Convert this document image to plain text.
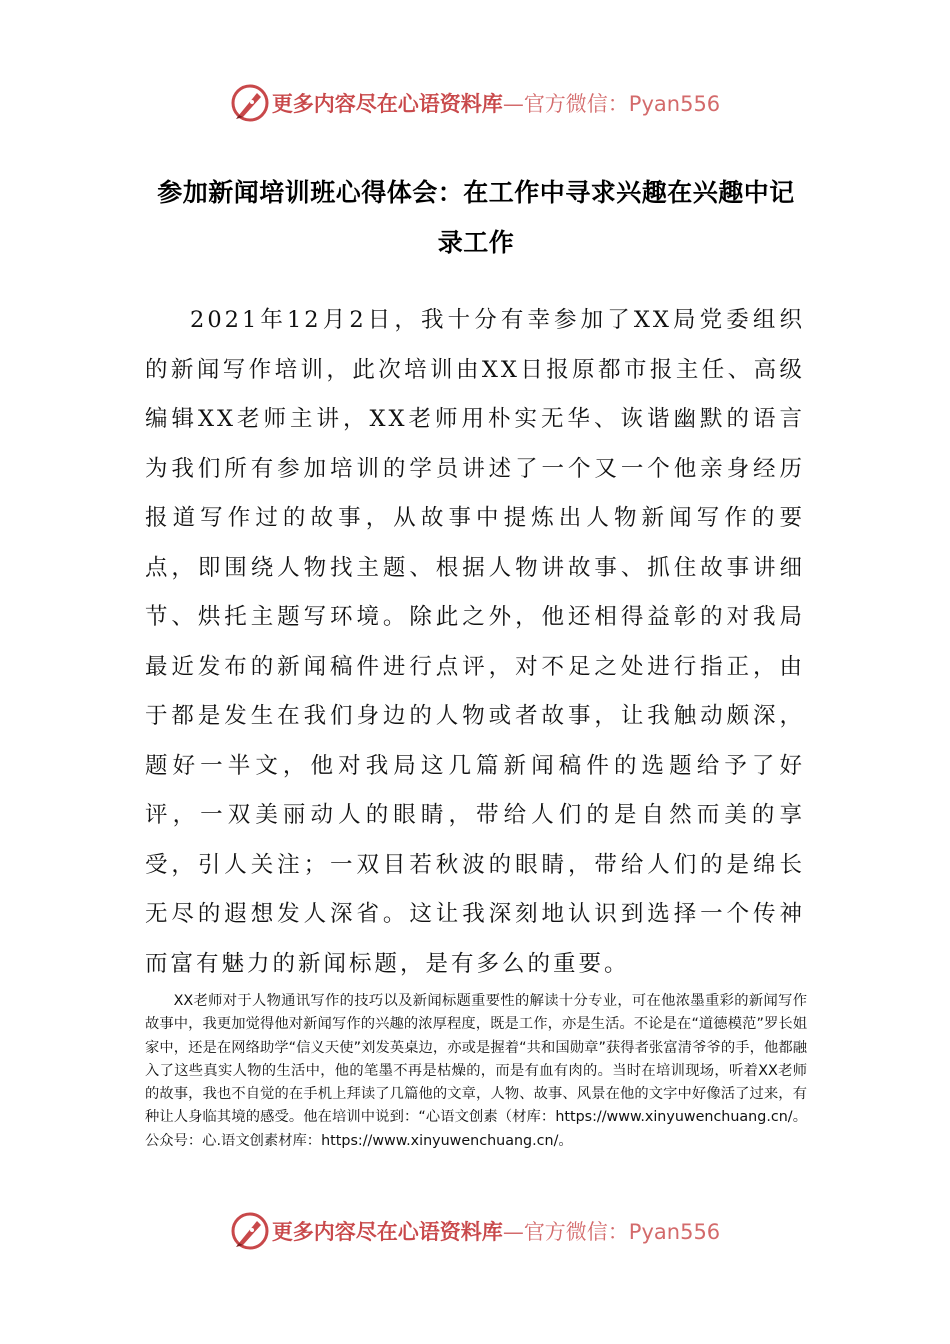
更多内容尽在心语资料库—官方微信：Pyan556
参加新闻培训班心得体会：在工作中寻求兴趣在兴趣中记录工作

2021年12月2日，我十分有幸参加了XX局党委组织的新闻写作培训，此次培训由XX日报原都市报主任、高级编辑XX老师主讲，XX老师用朴实无华、诙谐幽默的语言为我们所有参加培训的学员讲述了一个又一个他亲身经历报道写作过的故事，从故事中提炼出人物新闻写作的要点，即围绕人物找主题、根据人物讲故事、抓住故事讲细节、烘托主题写环境。除此之外，他还相得益彰的对我局最近发布的新闻稿件进行点评，对不足之处进行指正，由于都是发生在我们身边的人物或者故事，让我触动颇深，题好一半文，他对我局这几篇新闻稿件的选题给予了好评，一双美丽动人的眼睛，带给人们的是自然而美的享受，引人关注；一双目若秋波的眼睛，带给人们的是绵长无尽的遐想发人深省。这让我深刻地认识到选择一个传神而富有魅力的新闻标题，是有多么的重要。

XX老师对于人物通讯写作的技巧以及新闻标题重要性的解读十分专业，可在他浓墨重彩的新闻写作故事中，我更加觉得他对新闻写作的兴趣的浓厚程度，既是工作，亦是生活。不论是在“道德模范”罗长姐家中，还是在网络助学“信义天使”刘发英桌边，亦或是握着“共和国勋章”获得者张富清爷爷的手，他都融入了这些真实人物的生活中，他的笔墨不再是枯燥的，而是有血有肉的。当时在培训现场，听着XX老师的故事，我也不自觉的在手机上拜读了几篇他的文章，人物、故事、风景在他的文字中好像活了过来，有种让人身临其境的感受。他在培训中说到：“心语文创素（材库：https://www.xinyuwenchuang.cn/。公众号：心.语文创素材库：https://www.xinyuwenchuang.cn/。

更多内容尽在心语资料库—官方微信：Pyan556
